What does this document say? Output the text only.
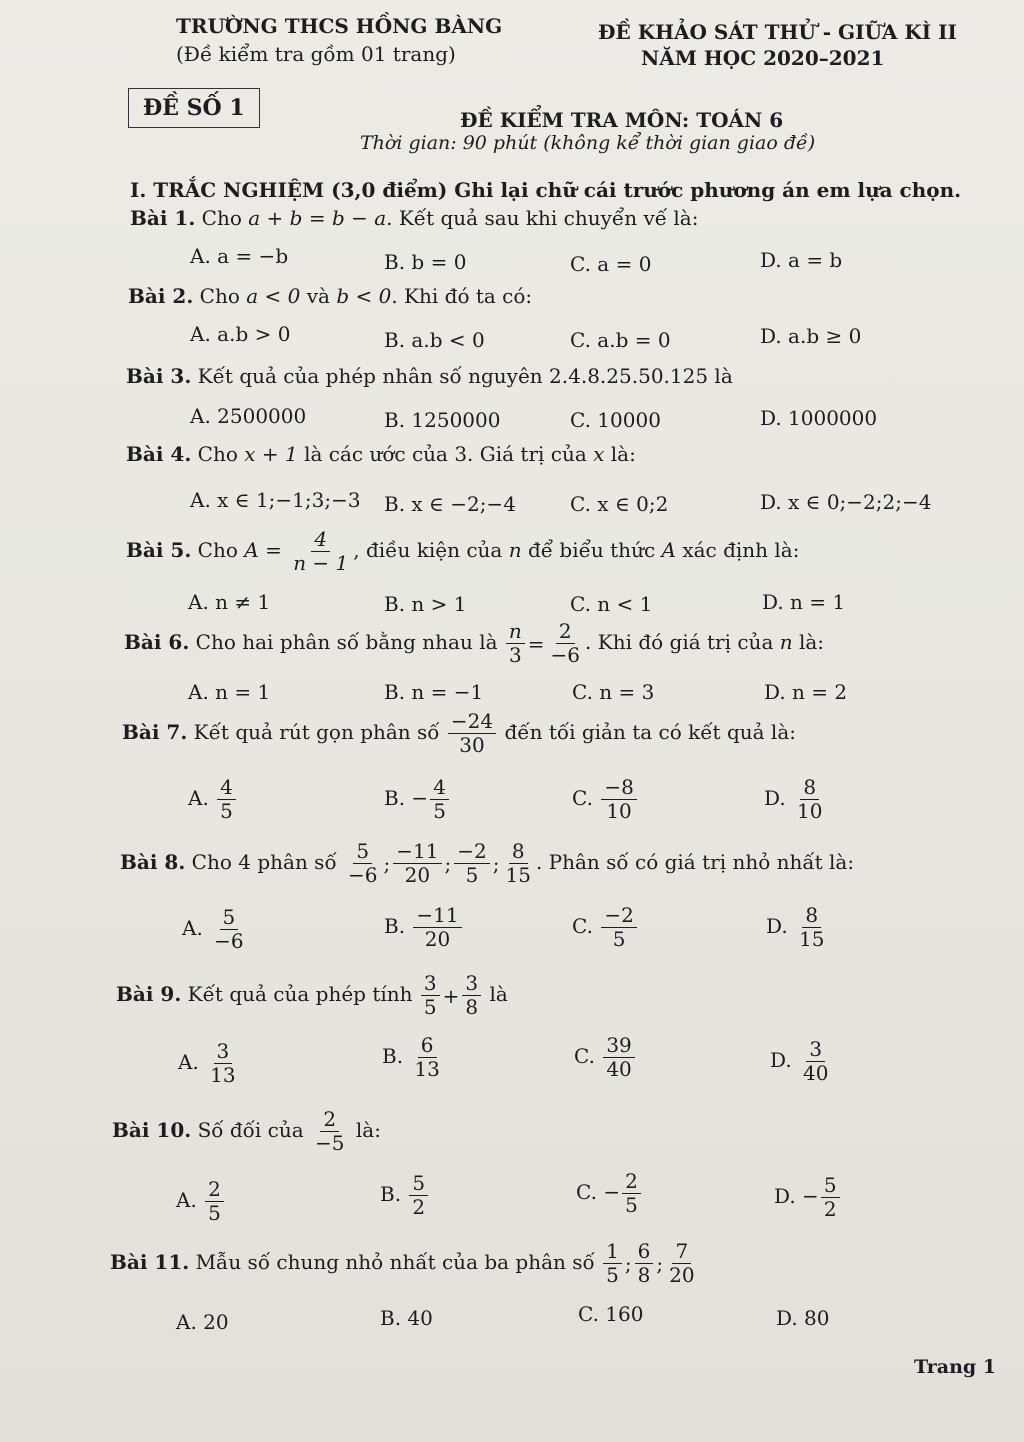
TRƯỜNG THCS HỒNG BÀNG
(Đề kiểm tra gồm 01 trang)
ĐỀ KHẢO SÁT THỬ - GIỮA KÌ II
NĂM HỌC 2020–2021
ĐỀ SỐ 1	ĐỀ KIỂM TRA MÔN: TOÁN 6
Thời gian: 90 phút (không kể thời gian giao đề)
I. TRẮC NGHIỆM (3,0 điểm) Ghi lại chữ cái trước phương án em lựa chọn.
Bài 1. Cho a + b = b − a. Kết quả sau khi chuyển vế là:
A. a = −b	B. b = 0	C. a = 0	D. a = b
Bài 2. Cho a < 0 và b < 0. Khi đó ta có:
A. a.b > 0	B. a.b < 0	C. a.b = 0	D. a.b ≥ 0
Bài 3. Kết quả của phép nhân số nguyên 2.4.8.25.50.125 là
A. 2500000	B. 1250000	C. 10000	D. 1000000
Bài 4. Cho x + 1 là các ước của 3. Giá trị của x là:
A. x ∈ 1;−1;3;−3 B. x ∈ −2;−4	C. x ∈ 0;2	D. x ∈ 0;−2;2;−4
Bài 5. Cho $A = \frac{4}{n - 1}$ , điều kiện của n để biểu thức A xác định là:
A. n ≠ 1	B. n > 1	C. n < 1	D. n = 1
Bài 6. Cho hai phân số bằng nhau là $\frac{n}{3} = \frac{2}{-6}$ . Khi đó giá trị của n là:
A. n = 1	B. n = −1	C. n = 3	D. n = 2
Bài 7. Kết quả rút gọn phân số $\frac{-24}{30}$ đến tối giản ta có kết quả là:
A. $\frac{4}{5}$	B. − $\frac{4}{5}$	C. $\frac{-8}{10}$	D. $\frac{8}{10}$
Bài 8. Cho 4 phân số $\frac{5}{-6}$ ; $\frac{-11}{20}$ ; $\frac{-2}{5}$ ; $\frac{8}{15}$ . Phân số có giá trị nhỏ nhất là:
A. $\frac{5}{-6}$	B. $\frac{-11}{20}$	C. $\frac{-2}{5}$	D. $\frac{8}{15}$
Bài 9. Kết quả của phép tính $\frac{3}{5} + \frac{3}{8}$ là
A. $\frac{3}{13}$	B. $\frac{6}{13}$	C. $\frac{39}{40}$	D. $\frac{3}{40}$
Bài 10. Số đối của $\frac{2}{-5}$ là:
A. $\frac{2}{5}$	B. $\frac{5}{2}$	C. − $\frac{2}{5}$	D. − $\frac{5}{2}$
Bài 11. Mẫu số chung nhỏ nhất của ba phân số $\frac{1}{5}$ ; $\frac{6}{8}$ ; $\frac{7}{20}$
A. 20	B. 40	C. 160	D. 80
Trang 1
